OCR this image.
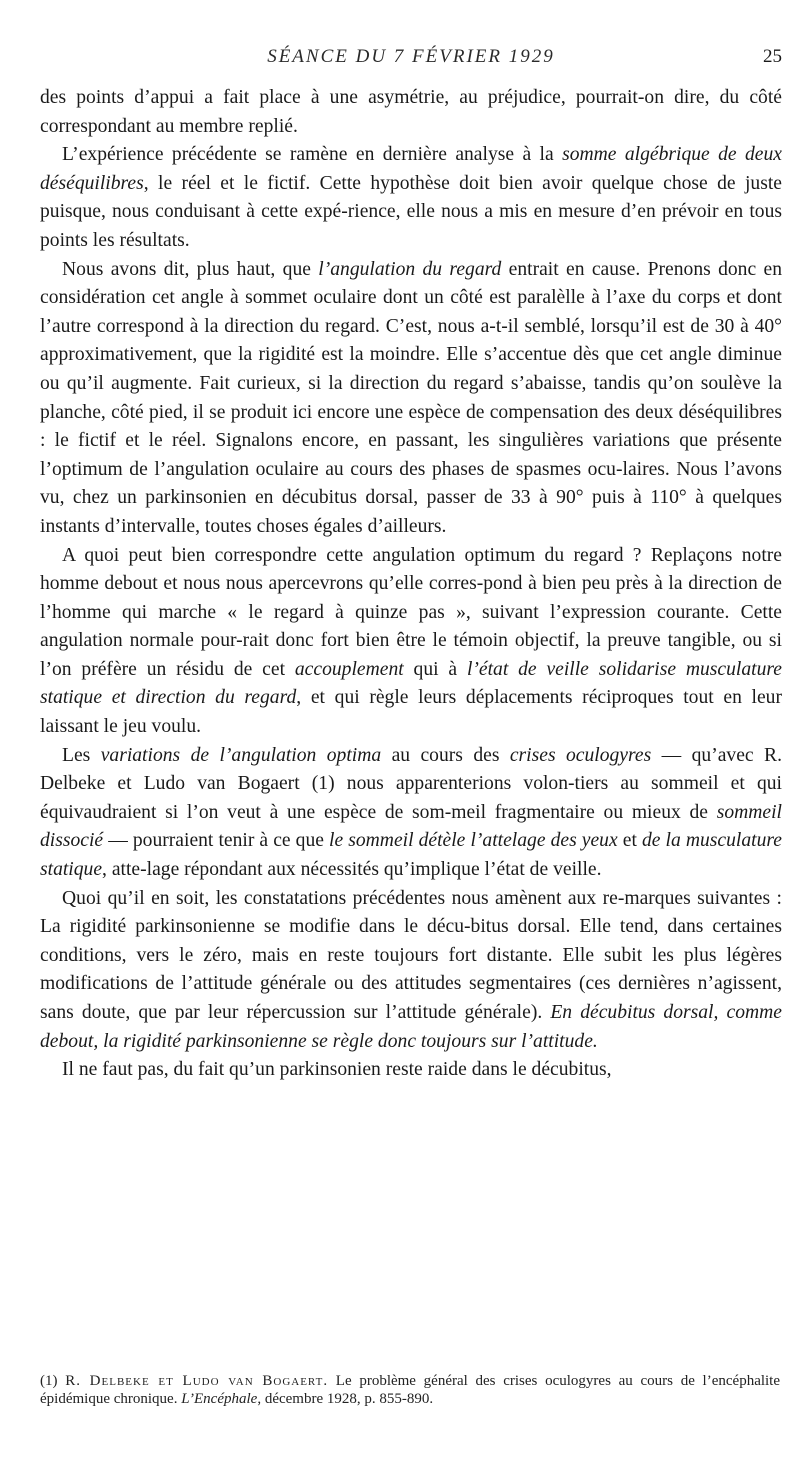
SÉANCE DU 7 FÉVRIER 1929	25

des points d’appui a fait place à une asymétrie, au préjudice, pourrait-on dire, du côté correspondant au membre replié.

L’expérience précédente se ramène en dernière analyse à la somme algébrique de deux déséquilibres, le réel et le fictif. Cette hypothèse doit bien avoir quelque chose de juste puisque, nous conduisant à cette expé-rience, elle nous a mis en mesure d’en prévoir en tous points les résultats.

Nous avons dit, plus haut, que l’angulation du regard entrait en cause. Prenons donc en considération cet angle à sommet oculaire dont un côté est paralèlle à l’axe du corps et dont l’autre correspond à la direction du regard. C’est, nous a-t-il semblé, lorsqu’il est de 30 à 40° approximativement, que la rigidité est la moindre. Elle s’accentue dès que cet angle diminue ou qu’il augmente. Fait curieux, si la direction du regard s’abaisse, tandis qu’on soulève la planche, côté pied, il se produit ici encore une espèce de compensation des deux déséquilibres : le fictif et le réel. Signalons encore, en passant, les singulières variations que présente l’optimum de l’angulation oculaire au cours des phases de spasmes ocu-laires. Nous l’avons vu, chez un parkinsonien en décubitus dorsal, passer de 33 à 90° puis à 110° à quelques instants d’intervalle, toutes choses égales d’ailleurs.

A quoi peut bien correspondre cette angulation optimum du regard ? Replaçons notre homme debout et nous nous apercevrons qu’elle corres-pond à bien peu près à la direction de l’homme qui marche « le regard à quinze pas », suivant l’expression courante. Cette angulation normale pour-rait donc fort bien être le témoin objectif, la preuve tangible, ou si l’on préfère un résidu de cet accouplement qui à l’état de veille solidarise musculature statique et direction du regard, et qui règle leurs déplacements réciproques tout en leur laissant le jeu voulu.

Les variations de l’angulation optima au cours des crises oculogyres — qu’avec R. Delbeke et Ludo van Bogaert (1) nous apparenterions volon-tiers au sommeil et qui équivaudraient si l’on veut à une espèce de som-meil fragmentaire ou mieux de sommeil dissocié — pourraient tenir à ce que le sommeil détèle l’attelage des yeux et de la musculature statique, atte-lage répondant aux nécessités qu’implique l’état de veille.

Quoi qu’il en soit, les constatations précédentes nous amènent aux re-marques suivantes : La rigidité parkinsonienne se modifie dans le décu-bitus dorsal. Elle tend, dans certaines conditions, vers le zéro, mais en reste toujours fort distante. Elle subit les plus légères modifications de l’attitude générale ou des attitudes segmentaires (ces dernières n’agissent, sans doute, que par leur répercussion sur l’attitude générale). En décubitus dorsal, comme debout, la rigidité parkinsonienne se règle donc toujours sur l’attitude.

Il ne faut pas, du fait qu’un parkinsonien reste raide dans le décubitus,

(1) R. Delbeke et Ludo van Bogaert. Le problème général des crises oculogyres au cours de l’encéphalite épidémique chronique. L’Encéphale, décembre 1928, p. 855-890.
